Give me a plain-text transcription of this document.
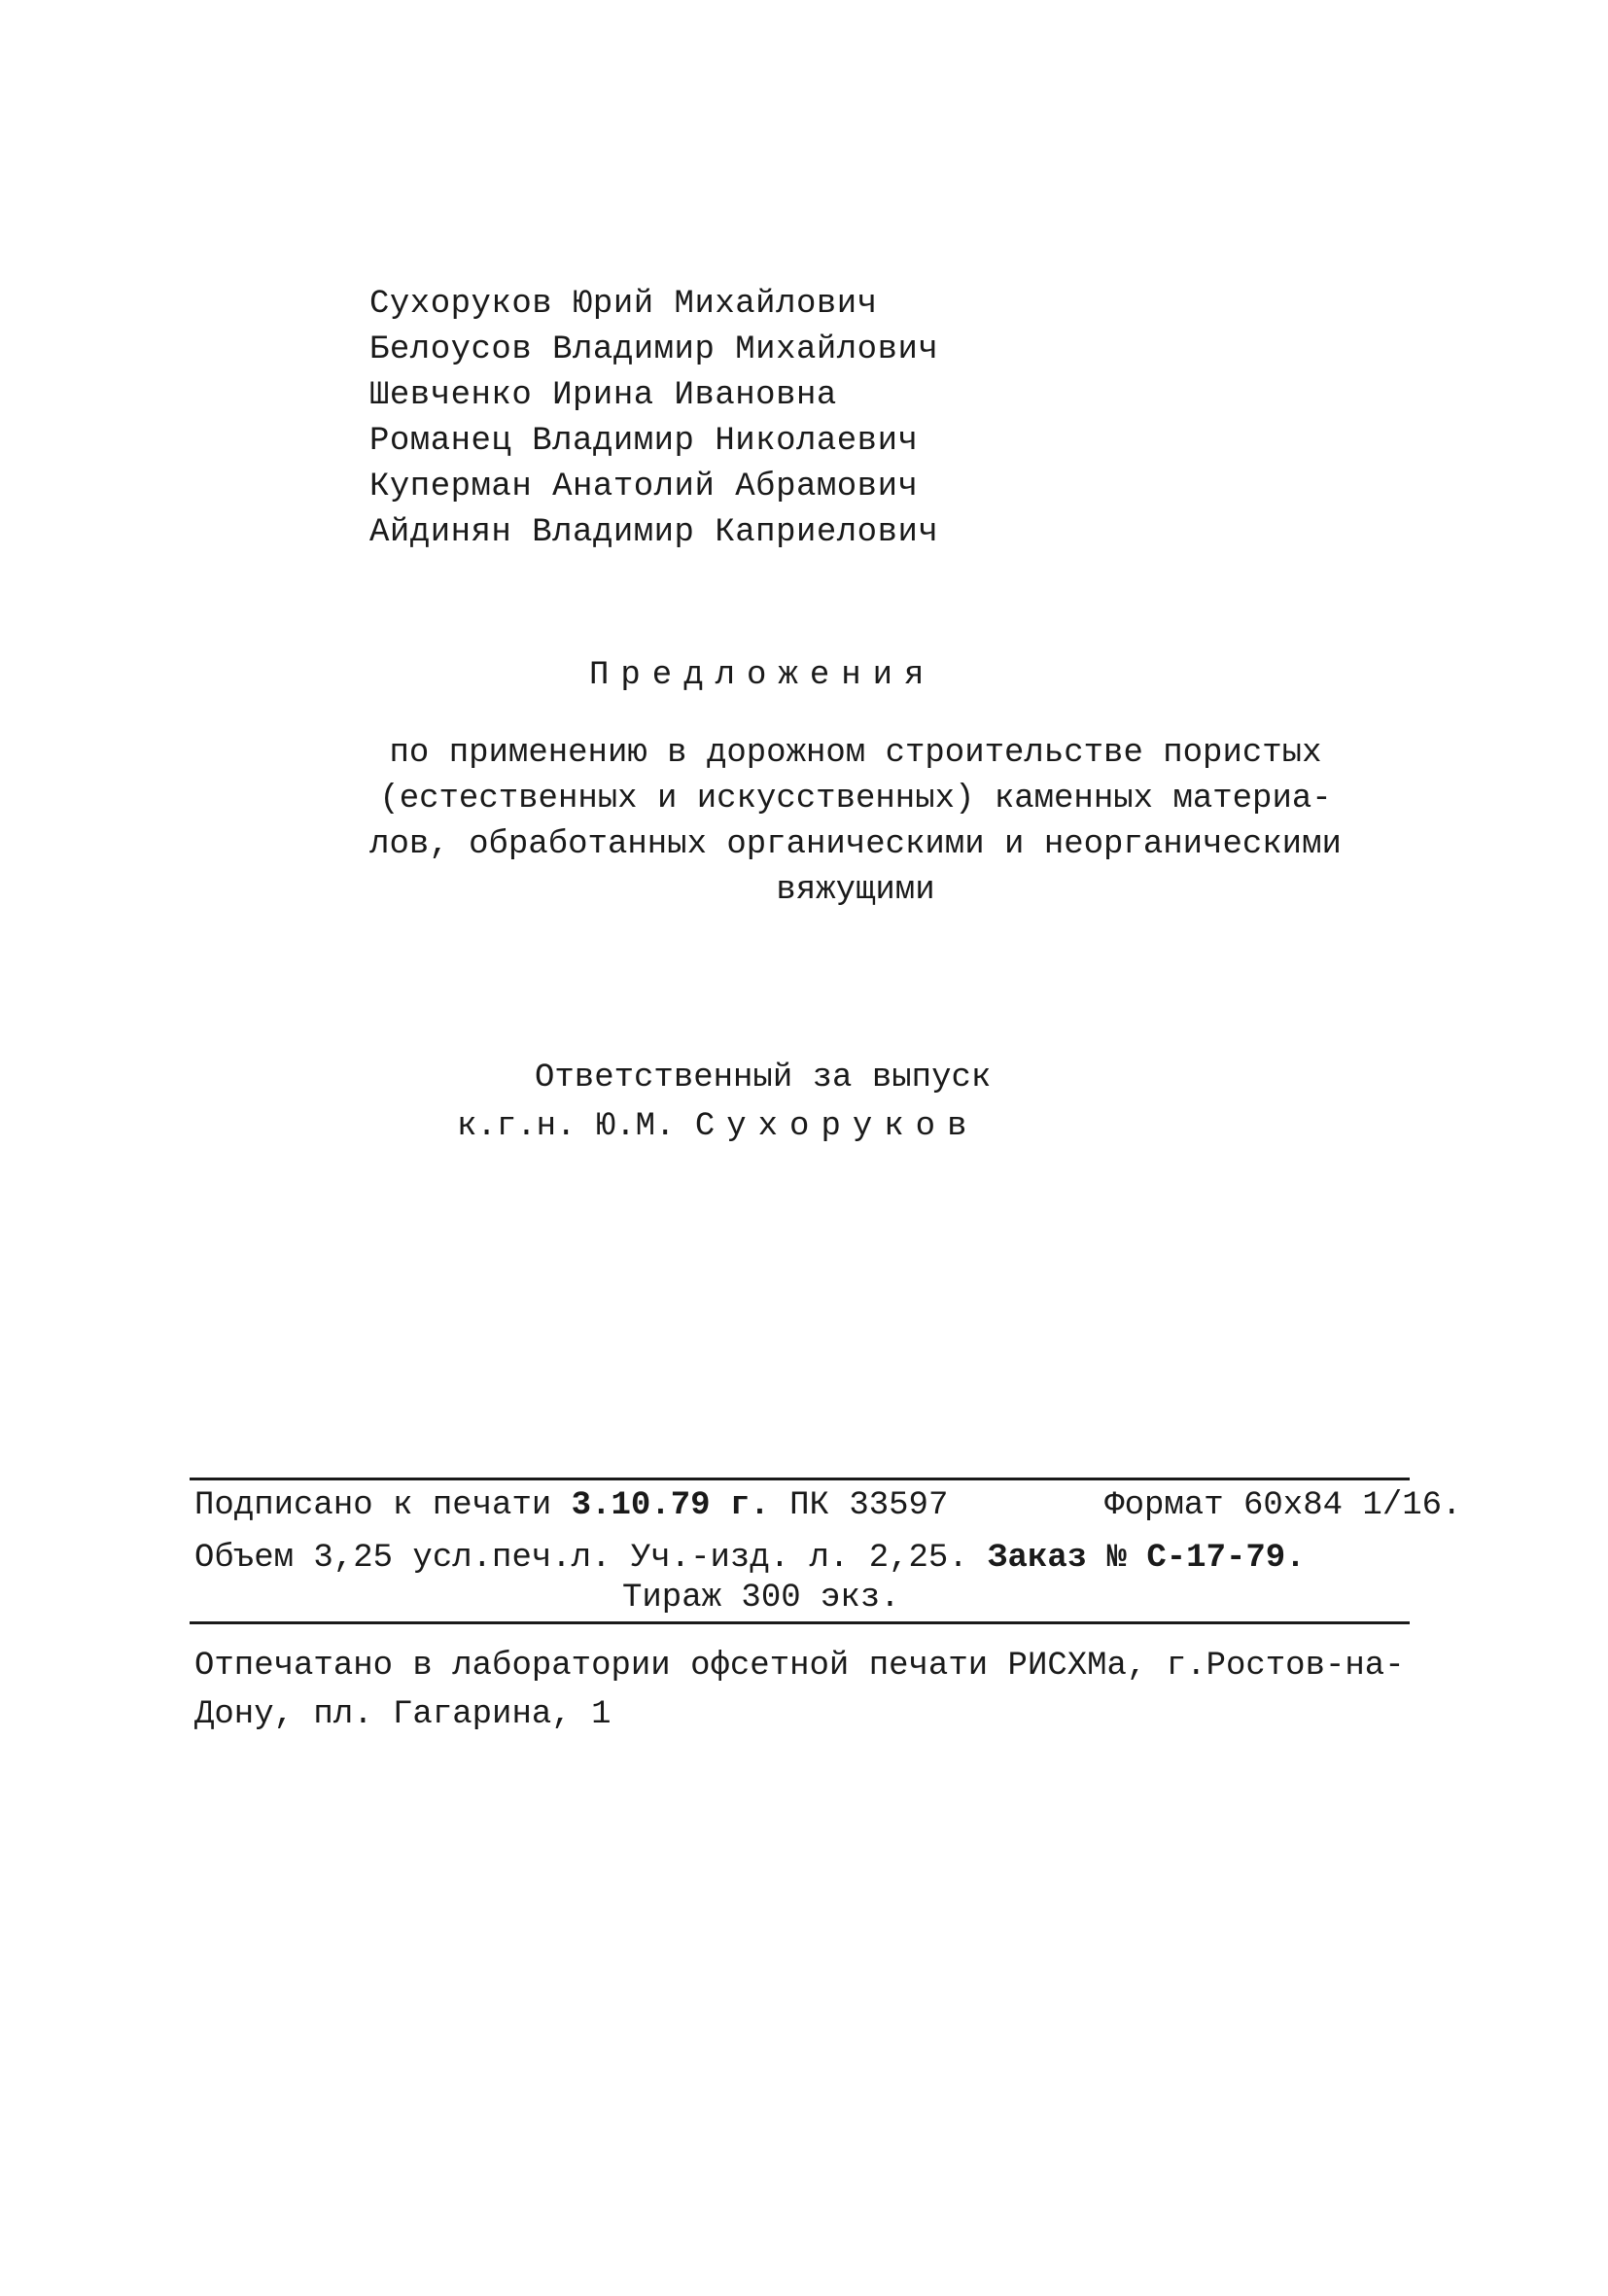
Сухоруков Юрий Михайлович
Белоусов Владимир Михайлович
Шевченко Ирина Ивановна
Романец Владимир Николаевич
Куперман Анатолий Абрамович
Айдинян Владимир Каприелович
Предложения
по применению в дорожном строительстве пористых
(естественных и искусственных) каменных материа-
лов, обработанных органическими и неорганическими
вяжущими
Ответственный за выпуск
к.г.н. Ю.М. Сухоруков
Подписано к печати 3.10.79 г. ПК 33597	Формат 60х84 1/16.
Объем 3,25 усл.печ.л. Уч.-изд. л. 2,25. Заказ № С-17-79.
Тираж 300 экз.
Отпечатано в лаборатории офсетной печати РИСХМа, г.Ростов-на-
Дону, пл. Гагарина, 1
